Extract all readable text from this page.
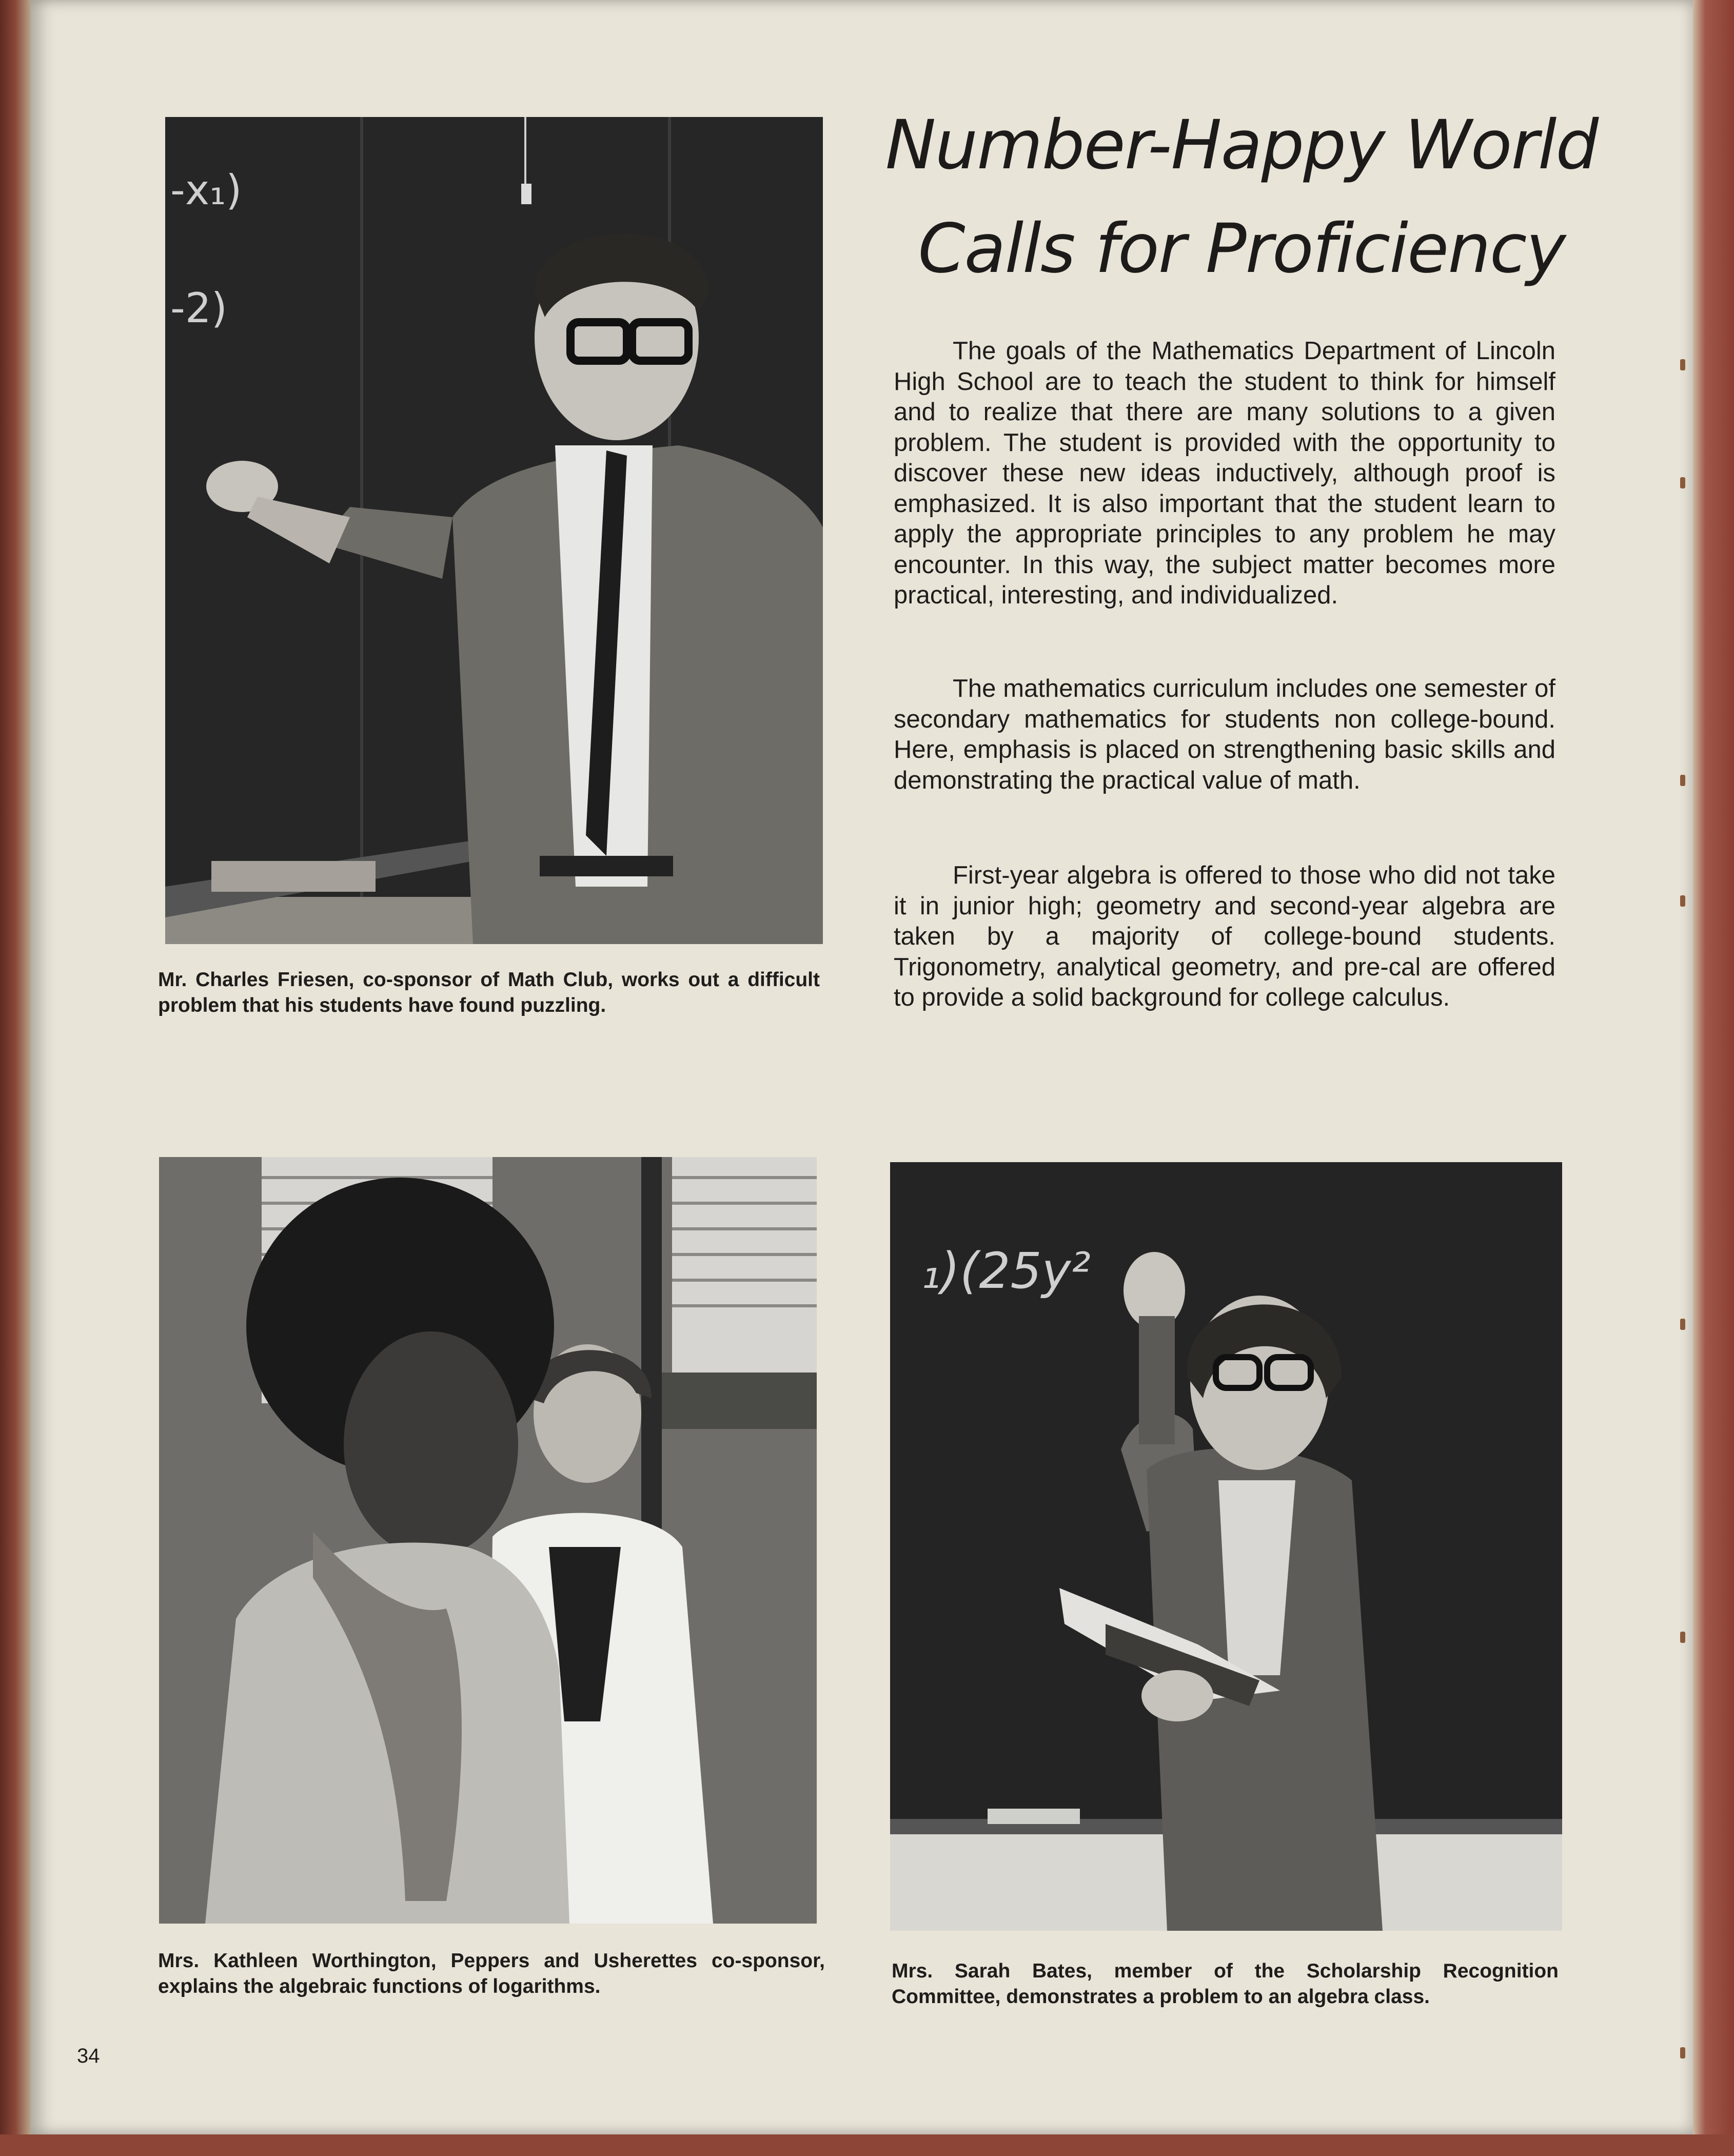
-x₁)
-2)
Number-Happy World
Calls for Proficiency
The goals of the Mathematics Department of Lincoln High School are to teach the student to think for himself and to realize that there are many solutions to a given problem. The student is provided with the opportunity to discover these new ideas inductively, although proof is emphasized. It is also important that the student learn to apply the appropriate principles to any problem he may encounter. In this way, the subject matter becomes more practical, interesting, and individualized.
The mathematics curriculum includes one semester of secondary mathematics for students non college-bound. Here, emphasis is placed on strengthening basic skills and demonstrating the practical value of math.
First-year algebra is offered to those who did not take it in junior high; geometry and second-year algebra are taken by a majority of college-bound students. Trigonometry, analytical geometry, and pre-cal are offered to provide a solid background for college calculus.
Mr. Charles Friesen, co-sponsor of Math Club, works out a difficult problem that his students have found puzzling.
Mrs. Kathleen Worthington, Peppers and Usherettes co-sponsor, explains the algebraic functions of logarithms.
₁)(25y²
Mrs. Sarah Bates, member of the Scholarship Recognition Committee, demonstrates a problem to an algebra class.
34
